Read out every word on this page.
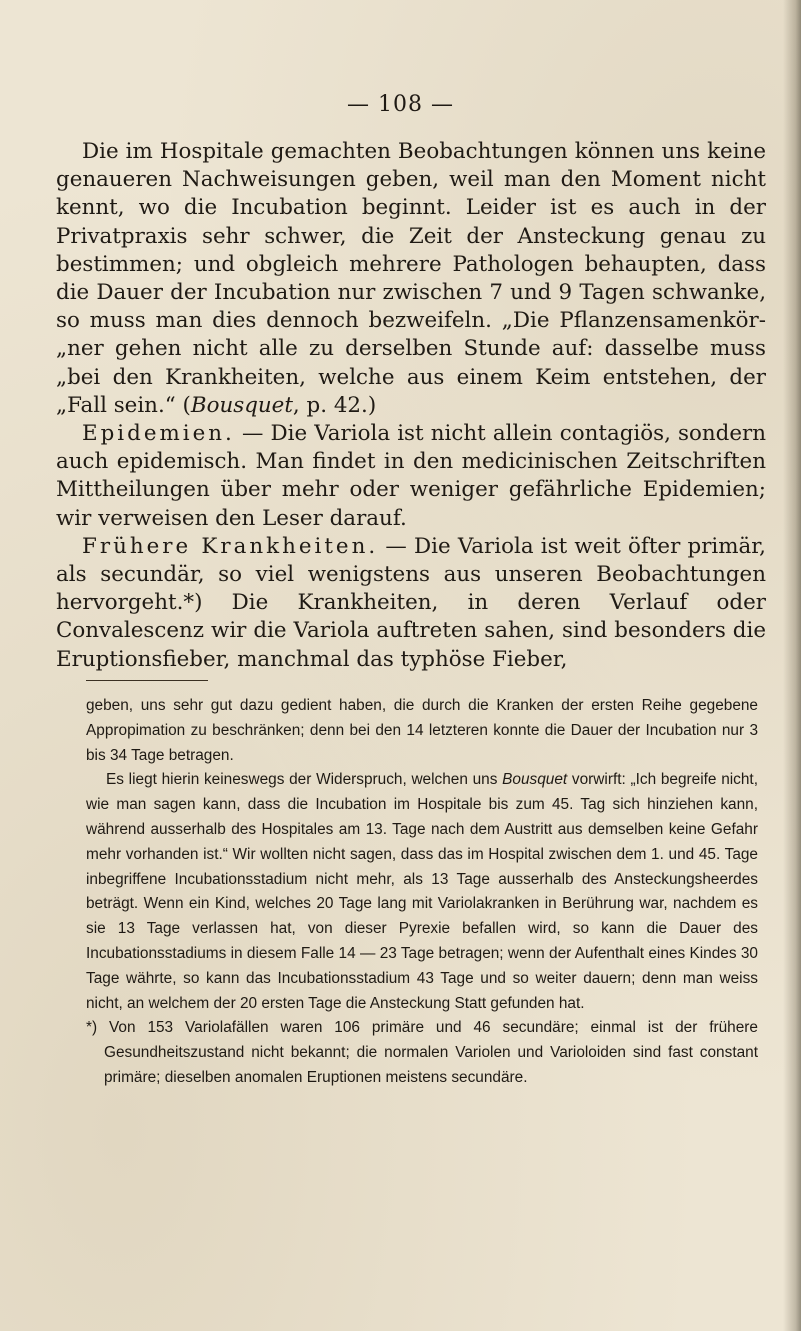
— 108 —

Die im Hospitale gemachten Beobachtungen können uns keine genaueren Nachweisungen geben, weil man den Moment nicht kennt, wo die Incubation beginnt. Leider ist es auch in der Privatpraxis sehr schwer, die Zeit der Ansteckung genau zu bestimmen; und obgleich mehrere Pathologen behaupten, dass die Dauer der Incubation nur zwischen 7 und 9 Tagen schwanke, so muss man dies dennoch bezweifeln. „Die Pflanzensamenkör- „ner gehen nicht alle zu derselben Stunde auf: dasselbe muss „bei den Krankheiten, welche aus einem Keim entstehen, der „Fall sein.“ (Bousquet, p. 42.)

Epidemien. — Die Variola ist nicht allein contagiös, sondern auch epidemisch. Man findet in den medicinischen Zeitschriften Mittheilungen über mehr oder weniger gefährliche Epidemien; wir verweisen den Leser darauf.

Frühere Krankheiten. — Die Variola ist weit öfter primär, als secundär, so viel wenigstens aus unseren Beobachtungen hervorgeht.*) Die Krankheiten, in deren Verlauf oder Convalescenz wir die Variola auftreten sahen, sind besonders die Eruptionsfieber, manchmal das typhöse Fieber,

geben, uns sehr gut dazu gedient haben, die durch die Kranken der ersten Reihe gegebene Appropimation zu beschränken; denn bei den 14 letzteren konnte die Dauer der Incubation nur 3 bis 34 Tage betragen.

Es liegt hierin keineswegs der Widerspruch, welchen uns Bousquet vorwirft: „Ich begreife nicht, wie man sagen kann, dass die Incubation im Hospitale bis zum 45. Tag sich hinziehen kann, während ausserhalb des Hospitales am 13. Tage nach dem Austritt aus demselben keine Gefahr mehr vorhanden ist.“ Wir wollten nicht sagen, dass das im Hospital zwischen dem 1. und 45. Tage inbegriffene Incubationsstadium nicht mehr, als 13 Tage ausserhalb des Ansteckungsheerdes beträgt. Wenn ein Kind, welches 20 Tage lang mit Variolakranken in Berührung war, nachdem es sie 13 Tage verlassen hat, von dieser Pyrexie befallen wird, so kann die Dauer des Incubationsstadiums in diesem Falle 14 — 23 Tage betragen; wenn der Aufenthalt eines Kindes 30 Tage währte, so kann das Incubationsstadium 43 Tage und so weiter dauern; denn man weiss nicht, an welchem der 20 ersten Tage die Ansteckung Statt gefunden hat.

*) Von 153 Variolafällen waren 106 primäre und 46 secundäre; einmal ist der frühere Gesundheitszustand nicht bekannt; die normalen Variolen und Varioloiden sind fast constant primäre; dieselben anomalen Eruptionen meistens secundäre.
